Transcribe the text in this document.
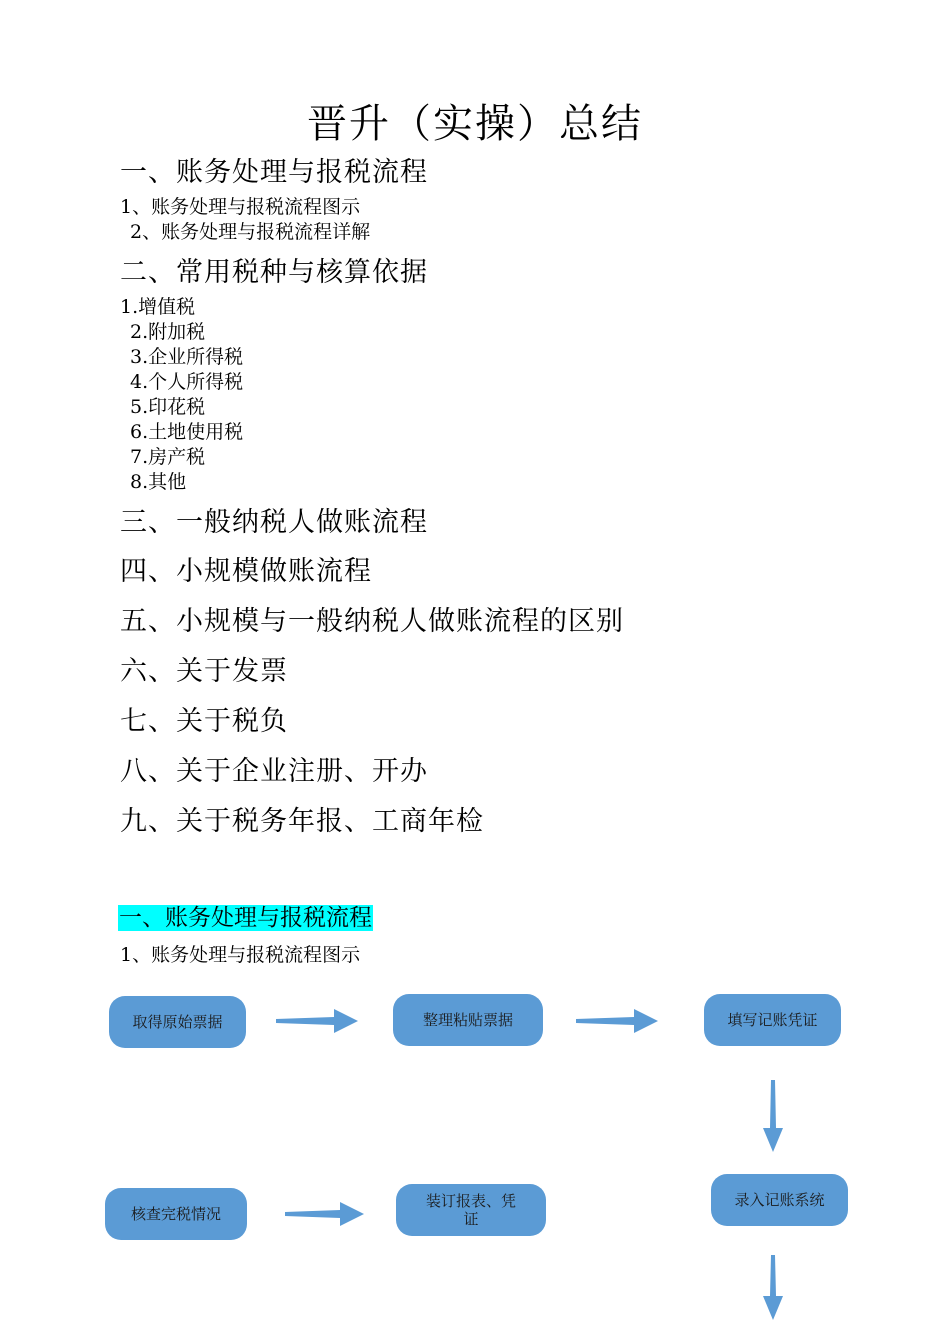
晋升（实操）总结
一、账务处理与报税流程
1、账务处理与报税流程图示
2、账务处理与报税流程详解
二、常用税种与核算依据
1.增值税
2.附加税
3.企业所得税
4.个人所得税
5.印花税
6.土地使用税
7.房产税
8.其他
三、一般纳税人做账流程
四、小规模做账流程
五、小规模与一般纳税人做账流程的区别
六、关于发票
七、关于税负
八、关于企业注册、开办
九、关于税务年报、工商年检
一、账务处理与报税流程
1、账务处理与报税流程图示
取得原始票据	整理粘贴票据	填写记账凭证
录入记账系统
装订报表、凭证
核查完税情况
